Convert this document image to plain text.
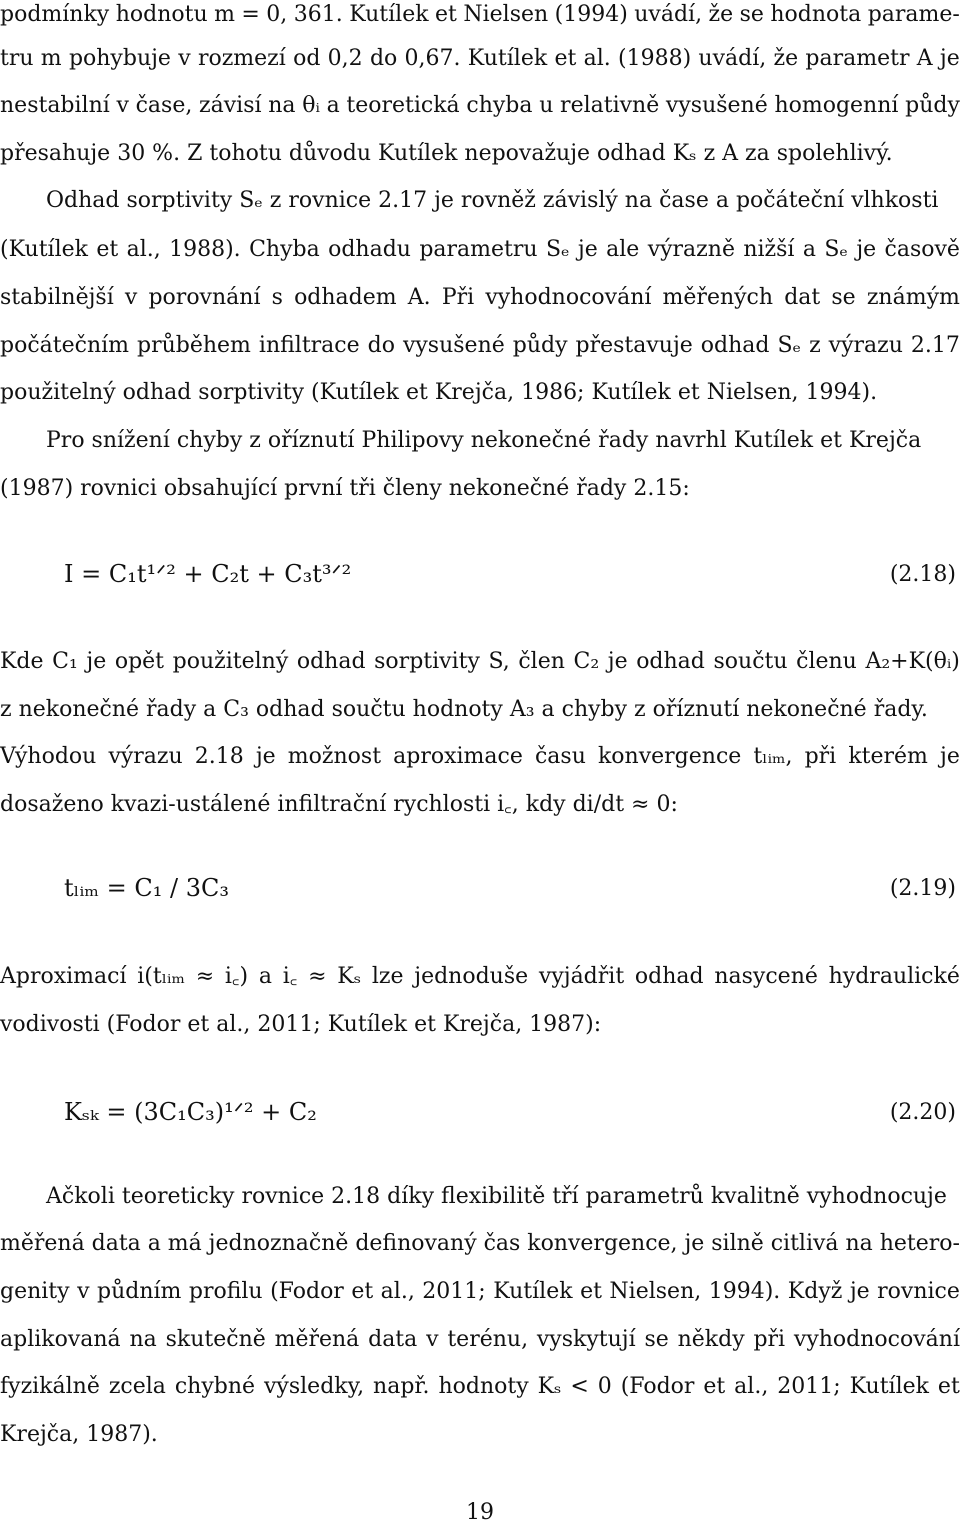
podmínky hodnotu m = 0, 361. Kutílek et Nielsen (1994) uvádí, že se hodnota parame-
tru m pohybuje v rozmezí od 0,2 do 0,67. Kutílek et al. (1988) uvádí, že parametr A je
nestabilní v čase, závisí na θᵢ a teoretická chyba u relativně vysušené homogenní půdy
přesahuje 30 %. Z tohotu důvodu Kutílek nepovažuje odhad Kₛ z A za spolehlivý.
Odhad sorptivity Sₑ z rovnice 2.17 je rovněž závislý na čase a počáteční vlhkosti
(Kutílek et al., 1988). Chyba odhadu parametru Sₑ je ale výrazně nižší a Sₑ je časově
stabilnější v porovnání s odhadem A. Při vyhodnocování měřených dat se známým
počátečním průběhem infiltrace do vysušené půdy přestavuje odhad Sₑ z výrazu 2.17
použitelný odhad sorptivity (Kutílek et Krejča, 1986; Kutílek et Nielsen, 1994).
Pro snížení chyby z oříznutí Philipovy nekonečné řady navrhl Kutílek et Krejča
(1987) rovnici obsahující první tři členy nekonečné řady 2.15:
I = C₁t¹ᐟ² + C₂t + C₃t³ᐟ²	(2.18)
Kde C₁ je opět použitelný odhad sorptivity S, člen C₂ je odhad součtu členu A₂+K(θᵢ)
z nekonečné řady a C₃ odhad součtu hodnoty A₃ a chyby z oříznutí nekonečné řady.
Výhodou výrazu 2.18 je možnost aproximace času konvergence tₗᵢₘ, při kterém je
dosaženo kvazi-ustálené infiltrační rychlosti i꜀, kdy di/dt ≈ 0:
tₗᵢₘ = C₁ / 3C₃	(2.19)
Aproximací i(tₗᵢₘ ≈ i꜀) a i꜀ ≈ Kₛ lze jednoduše vyjádřit odhad nasycené hydraulické
vodivosti (Fodor et al., 2011; Kutílek et Krejča, 1987):
Kₛₖ = (3C₁C₃)¹ᐟ² + C₂	(2.20)
Ačkoli teoreticky rovnice 2.18 díky flexibilitě tří parametrů kvalitně vyhodnocuje
měřená data a má jednoznačně definovaný čas konvergence, je silně citlivá na hetero-
genity v půdním profilu (Fodor et al., 2011; Kutílek et Nielsen, 1994). Když je rovnice
aplikovaná na skutečně měřená data v terénu, vyskytují se někdy při vyhodnocování
fyzikálně zcela chybné výsledky, např. hodnoty Kₛ < 0 (Fodor et al., 2011; Kutílek et
Krejča, 1987).
19
